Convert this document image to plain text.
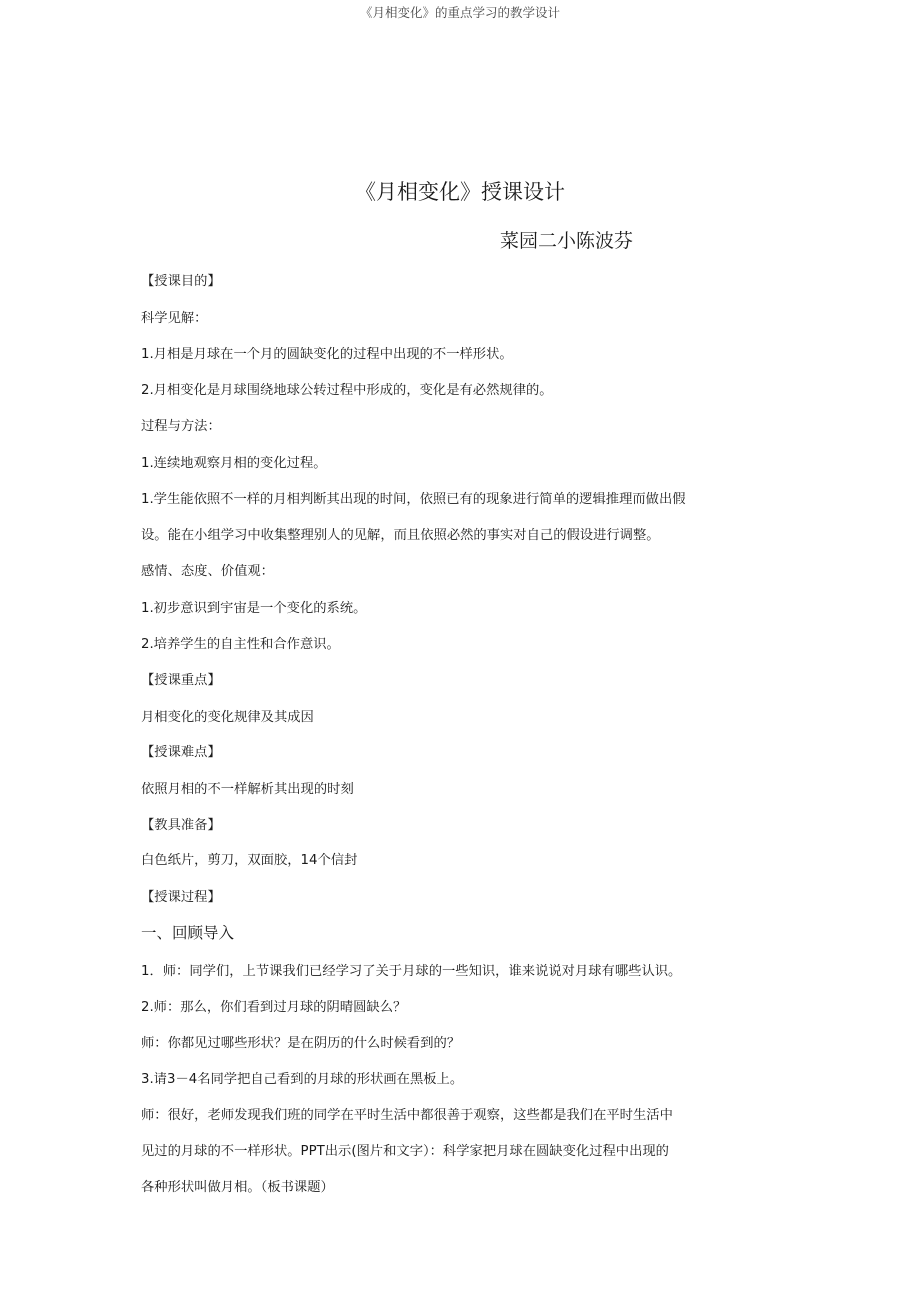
《月相变化》的重点学习的教学设计
《月相变化》授课设计
菜园二小陈波芬
【授课目的】
科学见解：
1.月相是月球在一个月的圆缺变化的过程中出现的不一样形状。
2.月相变化是月球围绕地球公转过程中形成的，变化是有必然规律的。
过程与方法：
1.连续地观察月相的变化过程。
1.学生能依照不一样的月相判断其出现的时间，依照已有的现象进行简单的逻辑推理而做出假
设。能在小组学习中收集整理别人的见解，而且依照必然的事实对自己的假设进行调整。
感情、态度、价值观：
1.初步意识到宇宙是一个变化的系统。
2.培养学生的自主性和合作意识。
【授课重点】
月相变化的变化规律及其成因
【授课难点】
依照月相的不一样解析其出现的时刻
【教具准备】
白色纸片，剪刀，双面胶，14个信封
【授课过程】
一、回顾导入
1．师：同学们，上节课我们已经学习了关于月球的一些知识，谁来说说对月球有哪些认识。
2.师：那么，你们看到过月球的阴晴圆缺么？
师：你都见过哪些形状？是在阴历的什么时候看到的？
3.请3－4名同学把自己看到的月球的形状画在黑板上。
师：很好，老师发现我们班的同学在平时生活中都很善于观察，这些都是我们在平时生活中
见过的月球的不一样形状。PPT出示(图片和文字）：科学家把月球在圆缺变化过程中出现的
各种形状叫做月相。（板书课题）
